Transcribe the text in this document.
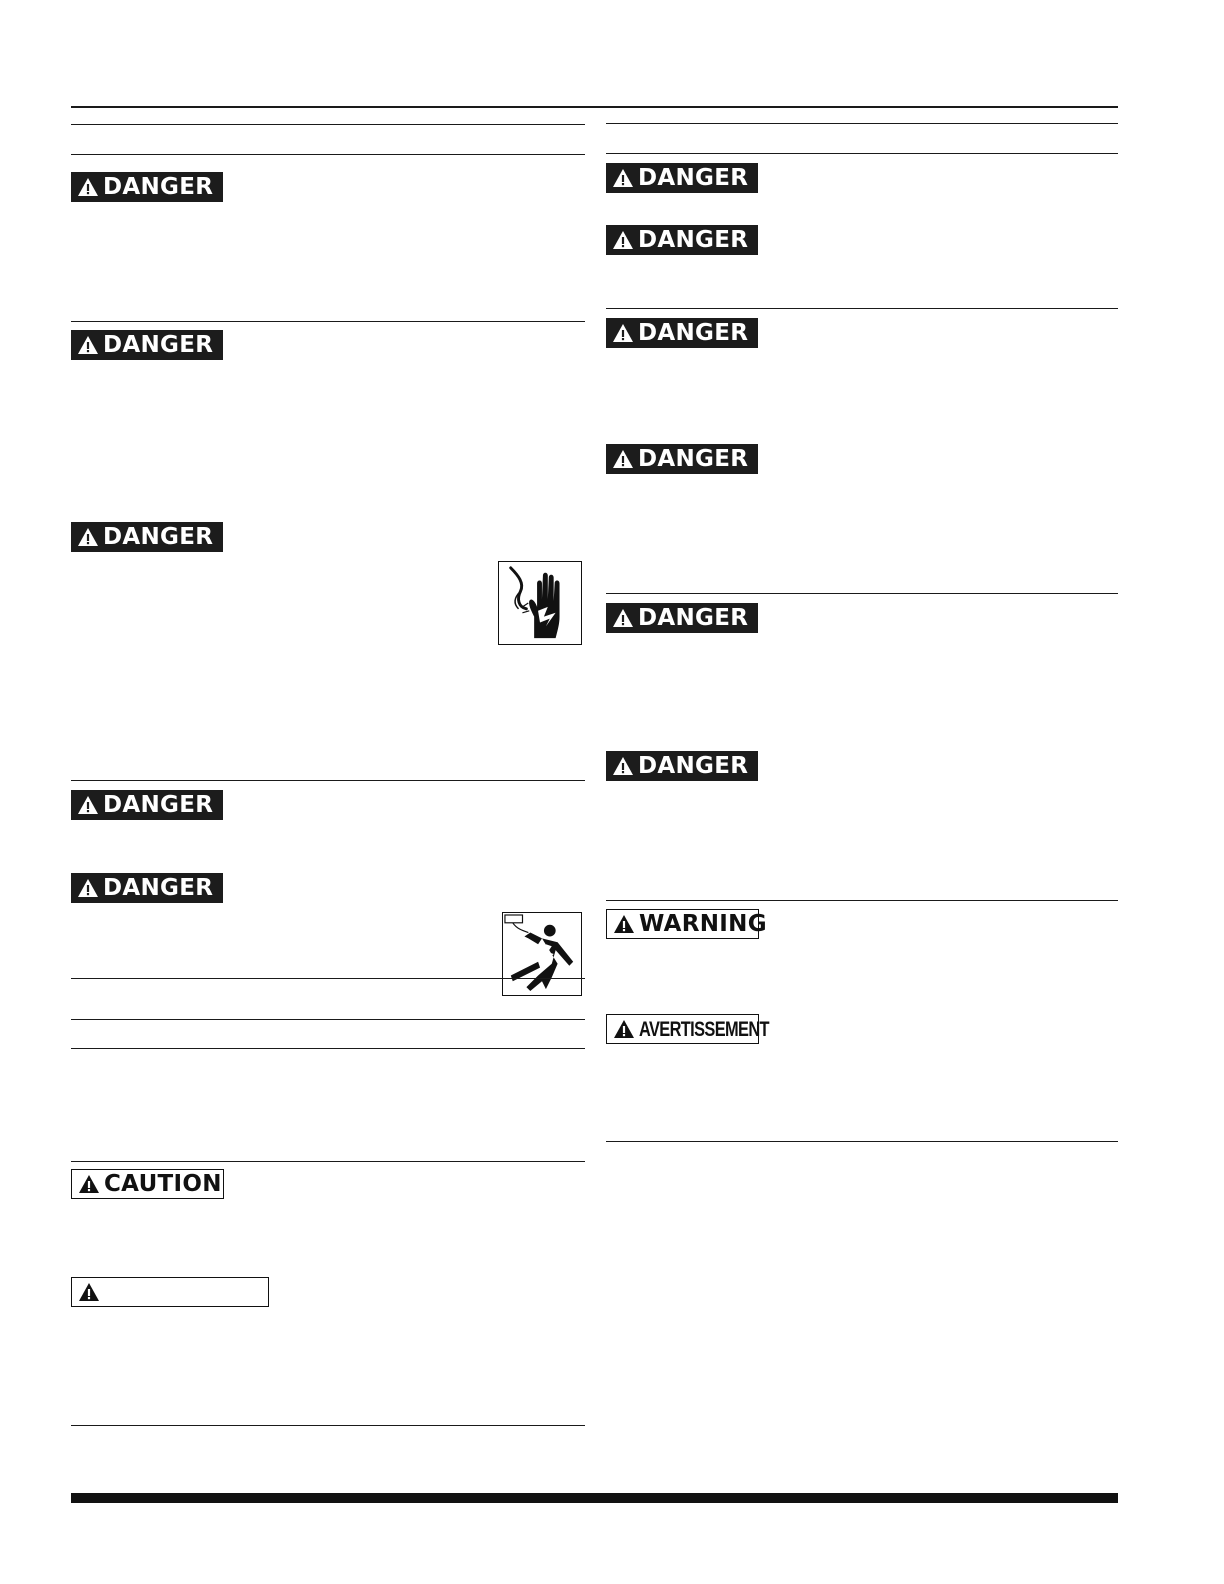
DANGER
DANGER
DANGER
DANGER
DANGER
CAUTION
DANGER
DANGER
DANGER
DANGER
DANGER
DANGER
WARNING
AVERTISSEMENT
